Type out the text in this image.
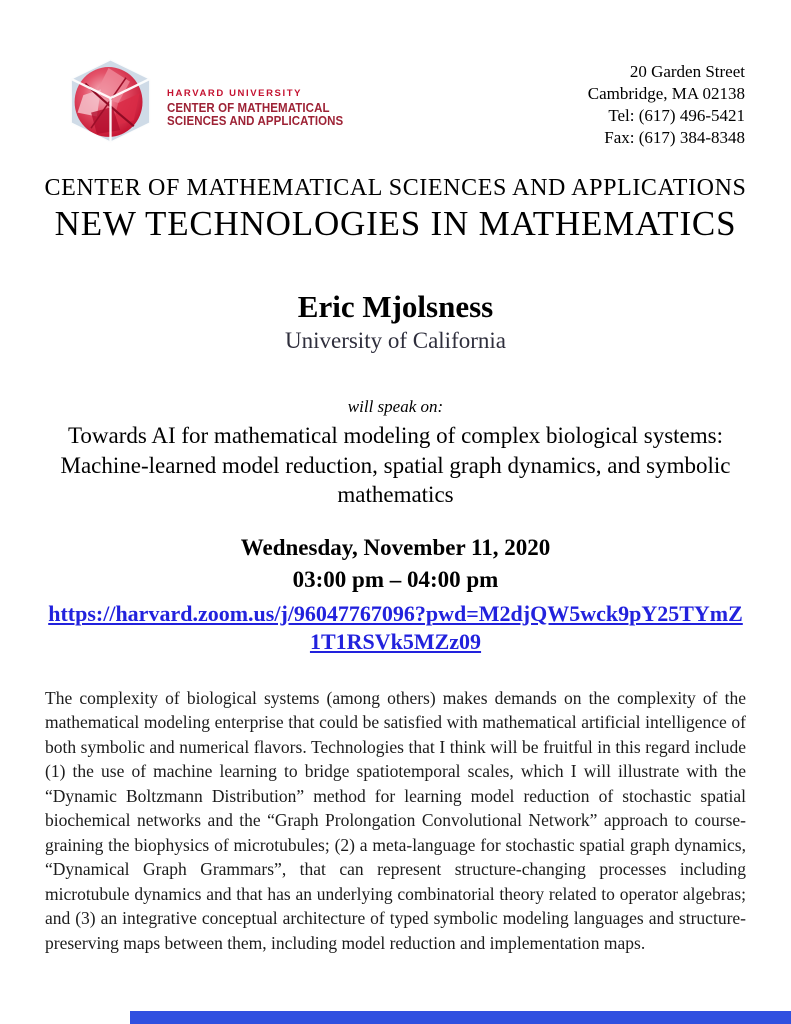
HARVARD UNIVERSITY
CENTER OF MATHEMATICAL
SCIENCES AND APPLICATIONS
20 Garden Street
Cambridge, MA 02138
Tel: (617) 496-5421
Fax: (617) 384-8348
CENTER OF MATHEMATICAL SCIENCES AND APPLICATIONS
NEW TECHNOLOGIES IN MATHEMATICS
Eric Mjolsness
University of California
will speak on:
Towards AI for mathematical modeling of complex biological systems: Machine-learned model reduction, spatial graph dynamics, and symbolic mathematics
Wednesday, November 11, 2020
03:00 pm – 04:00 pm
https://harvard.zoom.us/j/96047767096?pwd=M2djQW5wck9pY25TYmZ1T1RSVk5MZz09

The complexity of biological systems (among others) makes demands on the complexity of the mathematical modeling enterprise that could be satisfied with mathematical artificial intelligence of both symbolic and numerical flavors. Technologies that I think will be fruitful in this regard include (1) the use of machine learning to bridge spatiotemporal scales, which I will illustrate with the “Dynamic Boltzmann Distribution” method for learning model reduction of stochastic spatial biochemical networks and the “Graph Prolongation Convolutional Network” approach to course-graining the biophysics of microtubules; (2) a meta-language for stochastic spatial graph dynamics, “Dynamical Graph Grammars”, that can represent structure-changing processes including microtubule dynamics and that has an underlying combinatorial theory related to operator algebras; and (3) an integrative conceptual architecture of typed symbolic modeling languages and structure-preserving maps between them, including model reduction and implementation maps.
